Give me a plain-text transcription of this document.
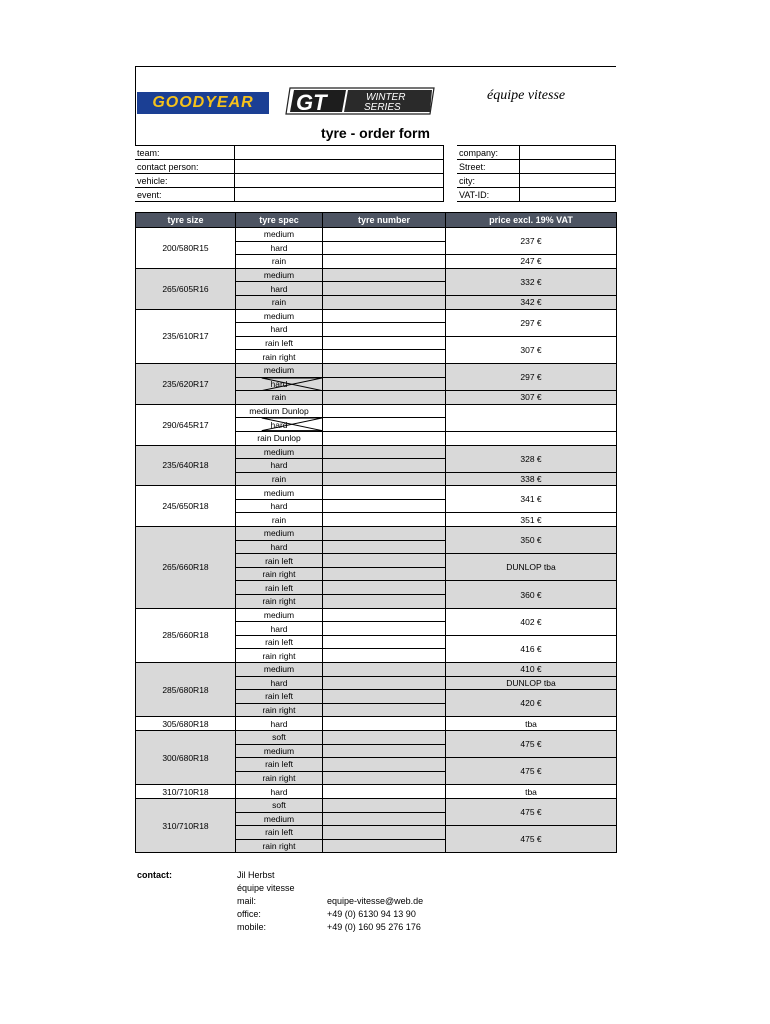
GOODYEAR GT	WINTER
SERIES
équipe vitesse
tyre - order form
team:	
contact person:	
vehicle:	
event:	
company:	
Street:	
city:	
VAT-ID:	
tyre size	tyre spec	tyre number	price excl. 19% VAT
200/580R15	medium		237 €
	hard		
	rain		247 €
265/605R16	medium		332 €
	hard		
	rain		342 €
235/610R17	medium		297 €
	hard		
	rain left		307 €
	rain right		
235/620R17	medium		297 €
	hard	

	rain		307 €
290/645R17	medium Dunlop		
	hard	

	rain Dunlop		
235/640R18	medium		328 €
	hard		
	rain		338 €
245/650R18	medium		341 €
	hard		
	rain		351 €
265/660R18	medium		350 €
	hard		
	rain left		DUNLOP tba
	rain right		
	rain left		360 €
	rain right		
285/660R18	medium		402 €
	hard		
	rain left		416 €
	rain right		
285/680R18	medium		410 €
	hard		DUNLOP tba
	rain left		420 €
	rain right		
305/680R18	hard		tba
300/680R18	soft		475 €
	medium		
	rain left		475 €
	rain right		
310/710R18	hard		tba
310/710R18	soft		475 €
	medium		
	rain left		475 €
	rain right		
contact:	Jil Herbst
équipe vitesse
mail:	equipe-vitesse@web.de
office:	+49 (0) 6130 94 13 90
mobile:	+49 (0) 160 95 276 176
